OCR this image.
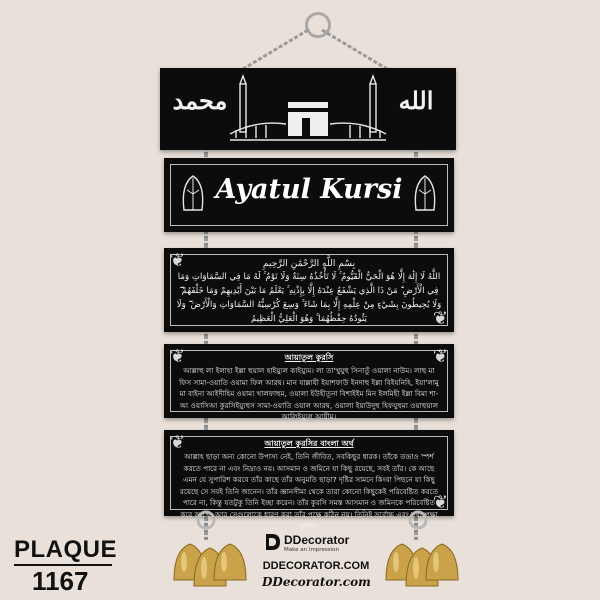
محمد	الله
Ayatul Kursi
❦
❦
بِسْمِ اللَّهِ الرَّحْمَٰنِ الرَّحِيمِ
اللَّهُ لَا إِلَٰهَ إِلَّا هُوَ الْحَيُّ الْقَيُّومُ ۚ لَا تَأْخُذُهُ سِنَةٌ وَلَا نَوْمٌ ۚ لَهُ مَا فِي السَّمَاوَاتِ وَمَا فِي الْأَرْضِ ۗ مَنْ ذَا الَّذِي يَشْفَعُ عِنْدَهُ إِلَّا بِإِذْنِهِ ۚ يَعْلَمُ مَا بَيْنَ أَيْدِيهِمْ وَمَا خَلْفَهُمْ ۖ وَلَا يُحِيطُونَ بِشَيْءٍ مِنْ عِلْمِهِ إِلَّا بِمَا شَاءَ ۚ وَسِعَ كُرْسِيُّهُ السَّمَاوَاتِ وَالْأَرْضَ ۖ وَلَا يَئُودُهُ حِفْظُهُمَا ۚ وَهُوَ الْعَلِيُّ الْعَظِيمُ
❦	❦
আয়াতুল কুরসি
আল্লাহু লা ইলাহা ইল্লা হুয়াল হাইয়্যুল কাইয়্যুম। লা তা'খুযুহু সিনাতুঁ ওয়ালা নাউম। লাহু মা ফিস সামা-ওয়াতি ওয়ামা ফিল আরদ্ব। মান যাল্লাযী ইয়াশফাউ ইনদাহু ইল্লা বিইযনিহি, ইয়া'লামু মা বাইনা আইদীহিম ওয়ামা খালফাহুম, ওয়ালা ইউহীতূনা বিশাইইম মিন ইলমিহী ইল্লা বিমা শা-আ ওয়াসিআ কুরসিইয়্যুহুস সামা-ওয়াতি ওয়াল আরদ্ব, ওয়ালা ইয়াউদুহু হিফযুহুমা ওয়াহুয়াল আলিইয়্যুল আযীম।
❦
❦
আয়াতুল কুরসির বাংলা অর্থ
আল্লাহ ছাড়া অন্য কোনো উপাস্য নেই, তিনি জীবিত, সবকিছুর ধারক। তাঁকে তন্দ্রাও স্পর্শ করতে পারে না এবং নিদ্রাও নয়। আসমান ও জমিনে যা কিছু রয়েছে, সবই তাঁর। কে আছে এমন যে সুপারিশ করবে তাঁর কাছে তাঁর অনুমতি ছাড়া? দৃষ্টির সামনে কিংবা পিছনে যা কিছু রয়েছে সে সবই তিনি জানেন। তাঁর জ্ঞানসীমা থেকে তারা কোনো কিছুকেই পরিবেষ্টিত করতে পারে না, কিন্তু যতটুকু তিনি ইচ্ছা করেন। তাঁর কুরসি সমস্ত আসমান ও জমিনকে পরিবেষ্টিত করে আছে। আর সেগুলোকে ধারণ করা তাঁর পক্ষে কঠিন নয়। তিনিই সর্বোচ্চ এবং সর্বাপেক্ষা মহান।
DDecorator
Make an Impression
DDECORATOR.COM
DDecorator.com
PLAQUE
1167
